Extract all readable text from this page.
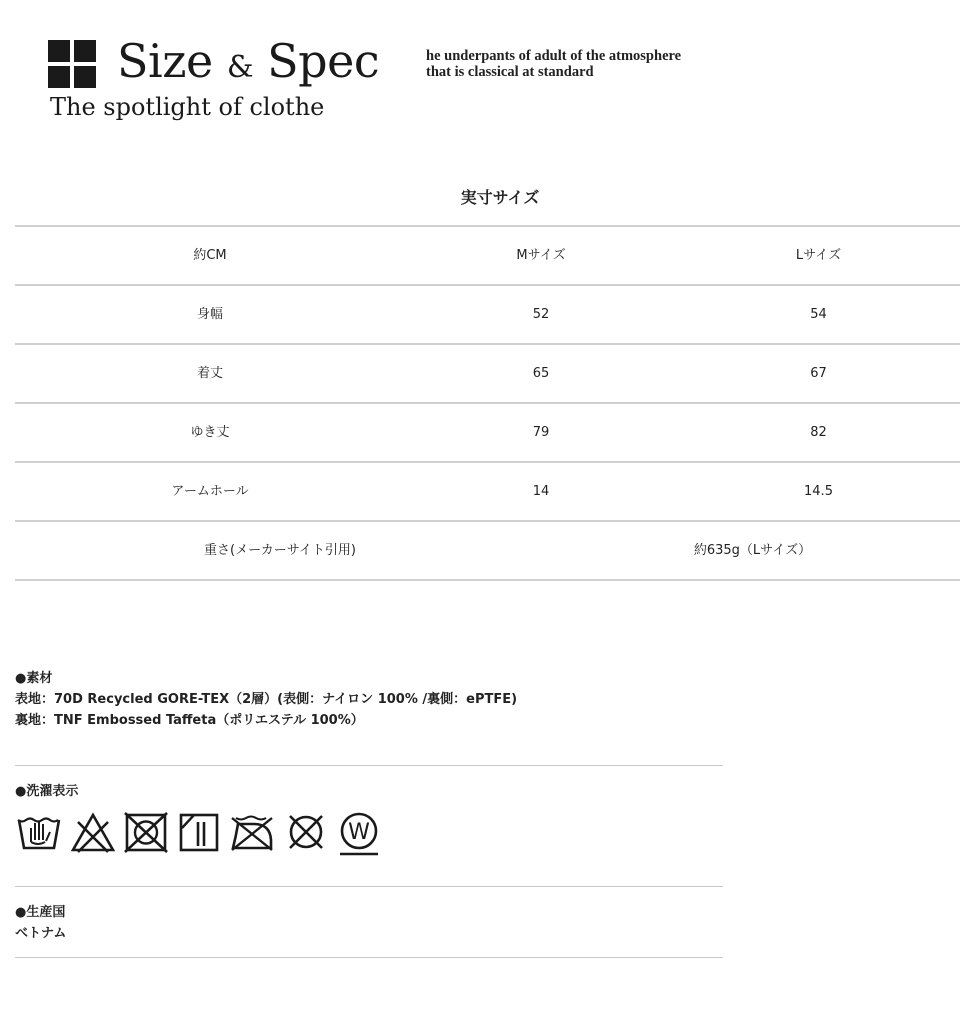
Size & Spec
The spotlight of clothe
he underpants of adult of the atmosphere
that is classical at standard
実寸サイズ
約CM	Mサイズ	Lサイズ
身幅	52	54
着丈	65	67
ゆき丈	79	82
アームホール	14	14.5
重さ(メーカーサイト引用)	約635g（Lサイズ）
●素材
表地：70D Recycled GORE-TEX（2層）(表側：ナイロン 100% /裏側：ePTFE)
裏地：TNF Embossed Taffeta（ポリエステル 100%）
●洗濯表示
W
●生産国
ベトナム
